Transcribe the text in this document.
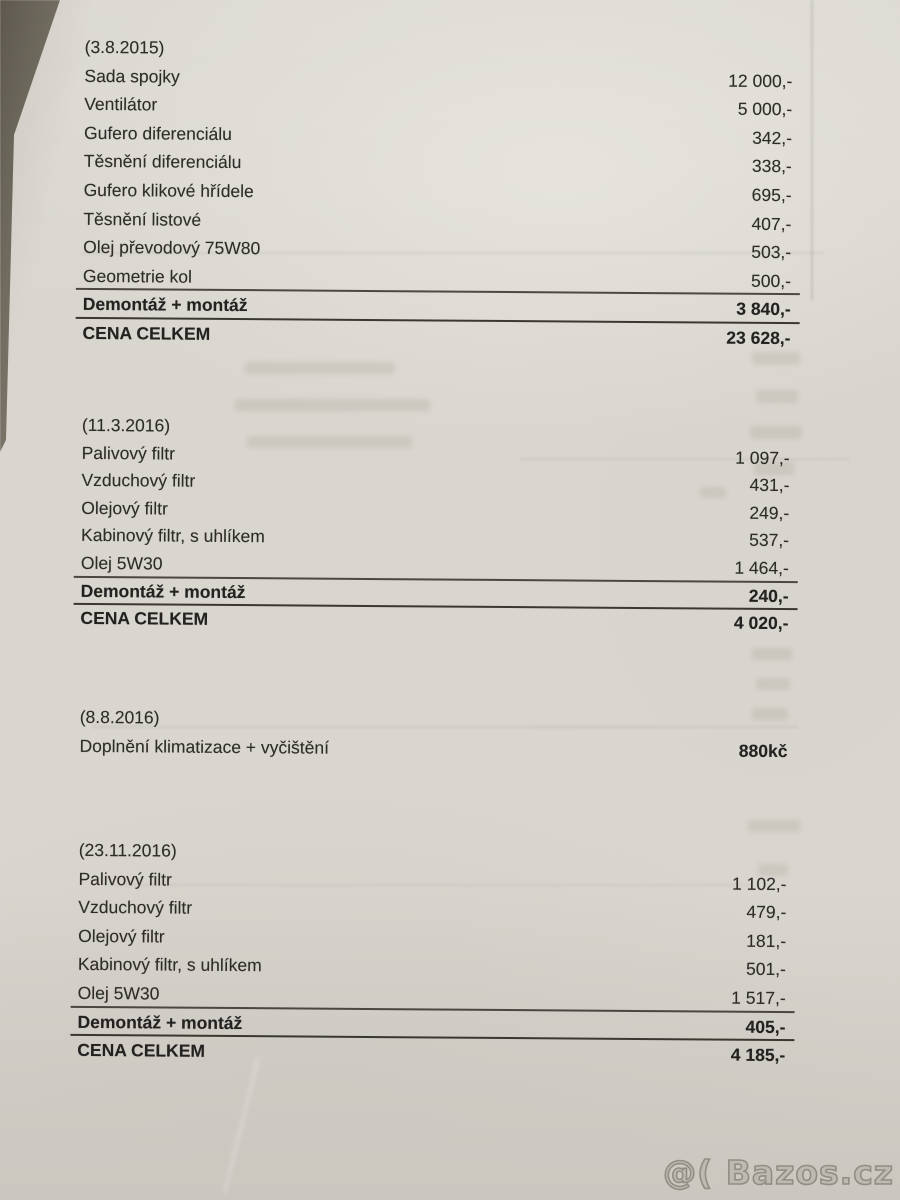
(3.8.2015)
Sada spojky	12 000,-
Ventilátor	5 000,-
Gufero diferenciálu	342,-
Těsnění diferenciálu	338,-
Gufero klikové hřídele	695,-
Těsnění listové	407,-
Olej převodový 75W80	503,-
Geometrie kol	500,-
Demontáž + montáž	3 840,-
CENA CELKEM	23 628,-
(11.3.2016)
Palivový filtr	1 097,-
Vzduchový filtr	431,-
Olejový filtr	249,-
Kabinový filtr, s uhlíkem	537,-
Olej 5W30	1 464,-
Demontáž + montáž	240,-
CENA CELKEM	4 020,-
(8.8.2016)
Doplnění klimatizace + vyčištění	880kč
(23.11.2016)
Palivový filtr	1 102,-
Vzduchový filtr	479,-
Olejový filtr	181,-
Kabinový filtr, s uhlíkem	501,-
Olej 5W30	1 517,-
Demontáž + montáž	405,-
CENA CELKEM	4 185,-
@( Bazos.cz
